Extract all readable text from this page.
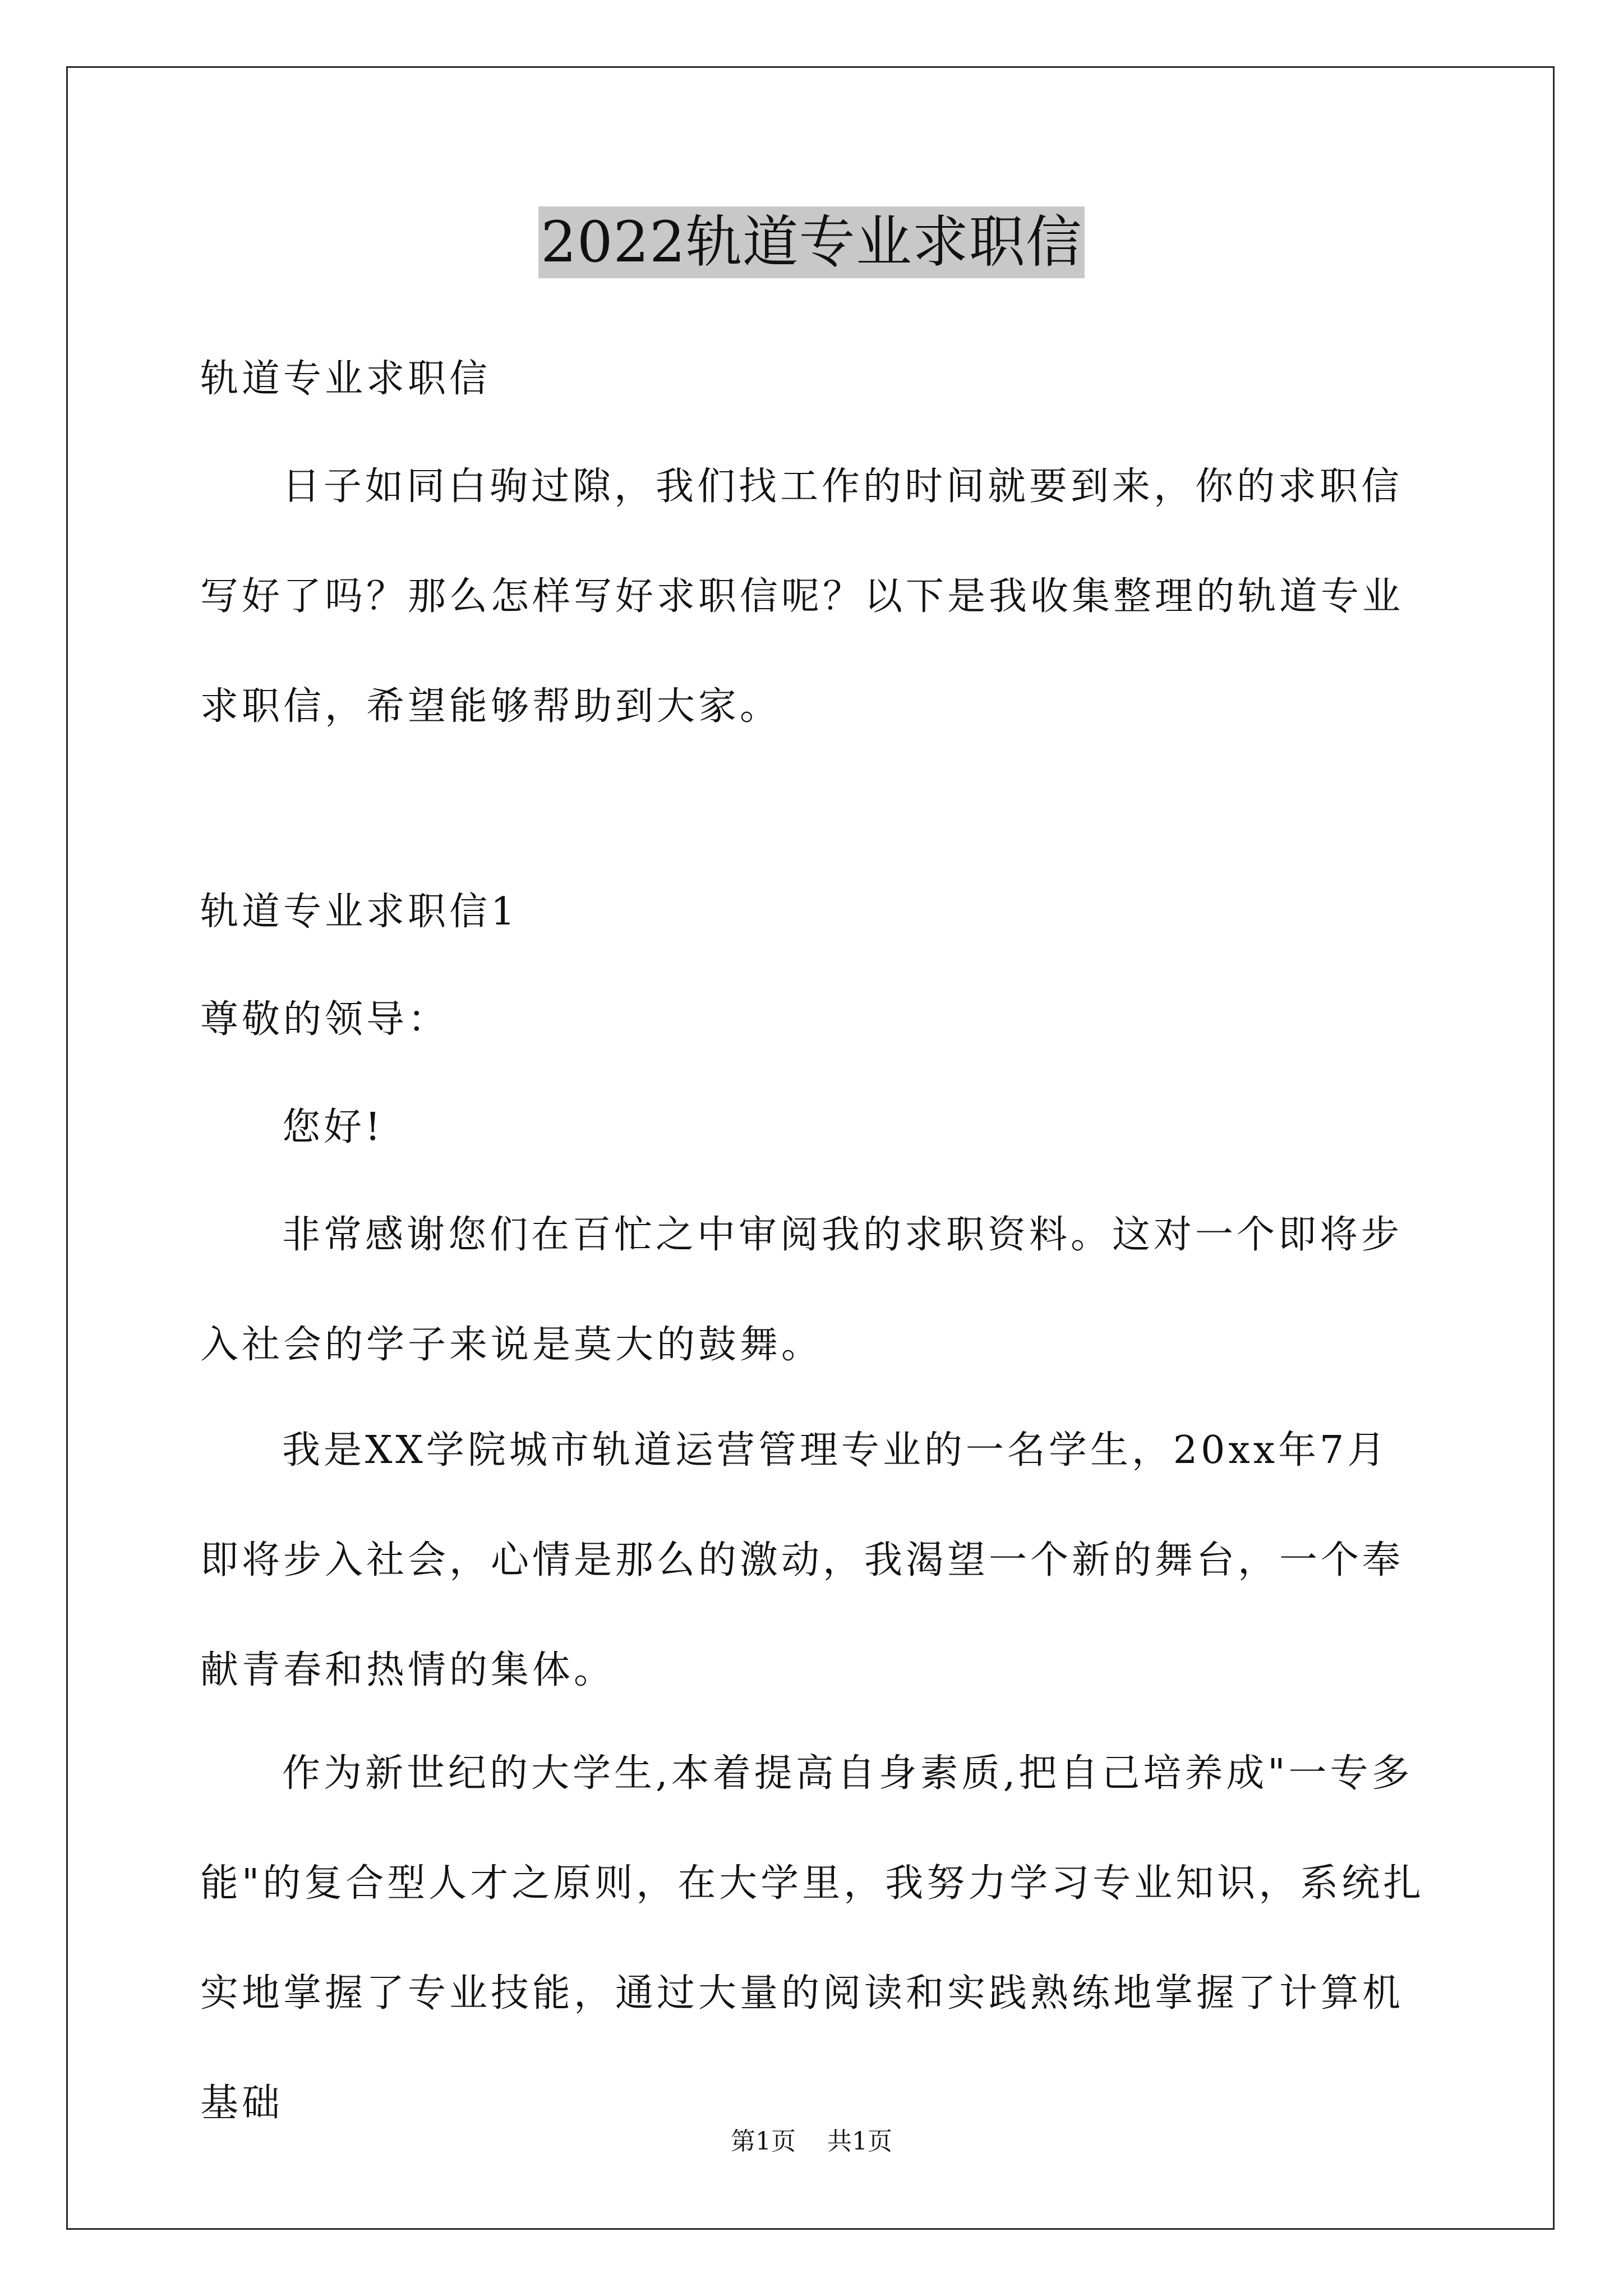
2022轨道专业求职信

轨道专业求职信

日子如同白驹过隙，我们找工作的时间就要到来，你的求职信写好了吗？那么怎样写好求职信呢？以下是我收集整理的轨道专业求职信，希望能够帮助到大家。

轨道专业求职信1

尊敬的领导：

您好!

非常感谢您们在百忙之中审阅我的求职资料。这对一个即将步入社会的学子来说是莫大的鼓舞。

我是XX学院城市轨道运营管理专业的一名学生，20xx年7月即将步入社会，心情是那么的激动，我渴望一个新的舞台，一个奉献青春和热情的集体。

作为新世纪的大学生,本着提高自身素质,把自己培养成"一专多能"的复合型人才之原则，在大学里，我努力学习专业知识，系统扎实地掌握了专业技能，通过大量的阅读和实践熟练地掌握了计算机基础

第1页 共1页
